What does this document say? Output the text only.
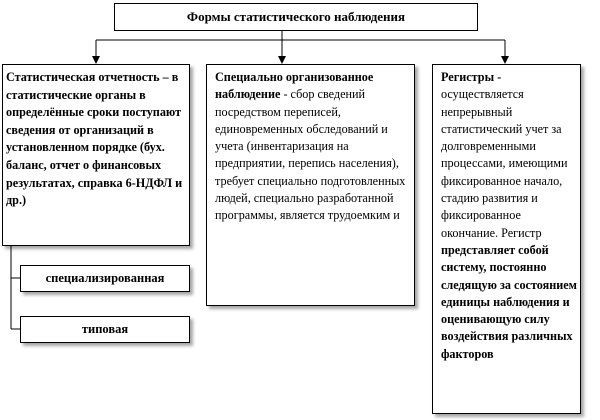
Формы статистического наблюдения
Статистическая отчетность – в статистические органы в определённые сроки поступают сведения от организаций в установленном порядке (бух. баланс, отчет о финансовых результатах, справка 6-НДФЛ и др.)
Специально организованное наблюдение - сбор сведений посредством переписей, единовременных обследований и учета (инвентаризация на предприятии, перепись населения), требует специально подготовленных людей, специально разработанной программы, является трудоемким и
Регистры - осуществляется непрерывный статистический учет за долговременными процессами, имеющими фиксированное начало, стадию развития и фиксированное окончание. Регистр представляет собой систему, постоянно следящую за состоянием единицы наблюдения и оценивающую силу воздействия различных факторов
специализированная
типовая
